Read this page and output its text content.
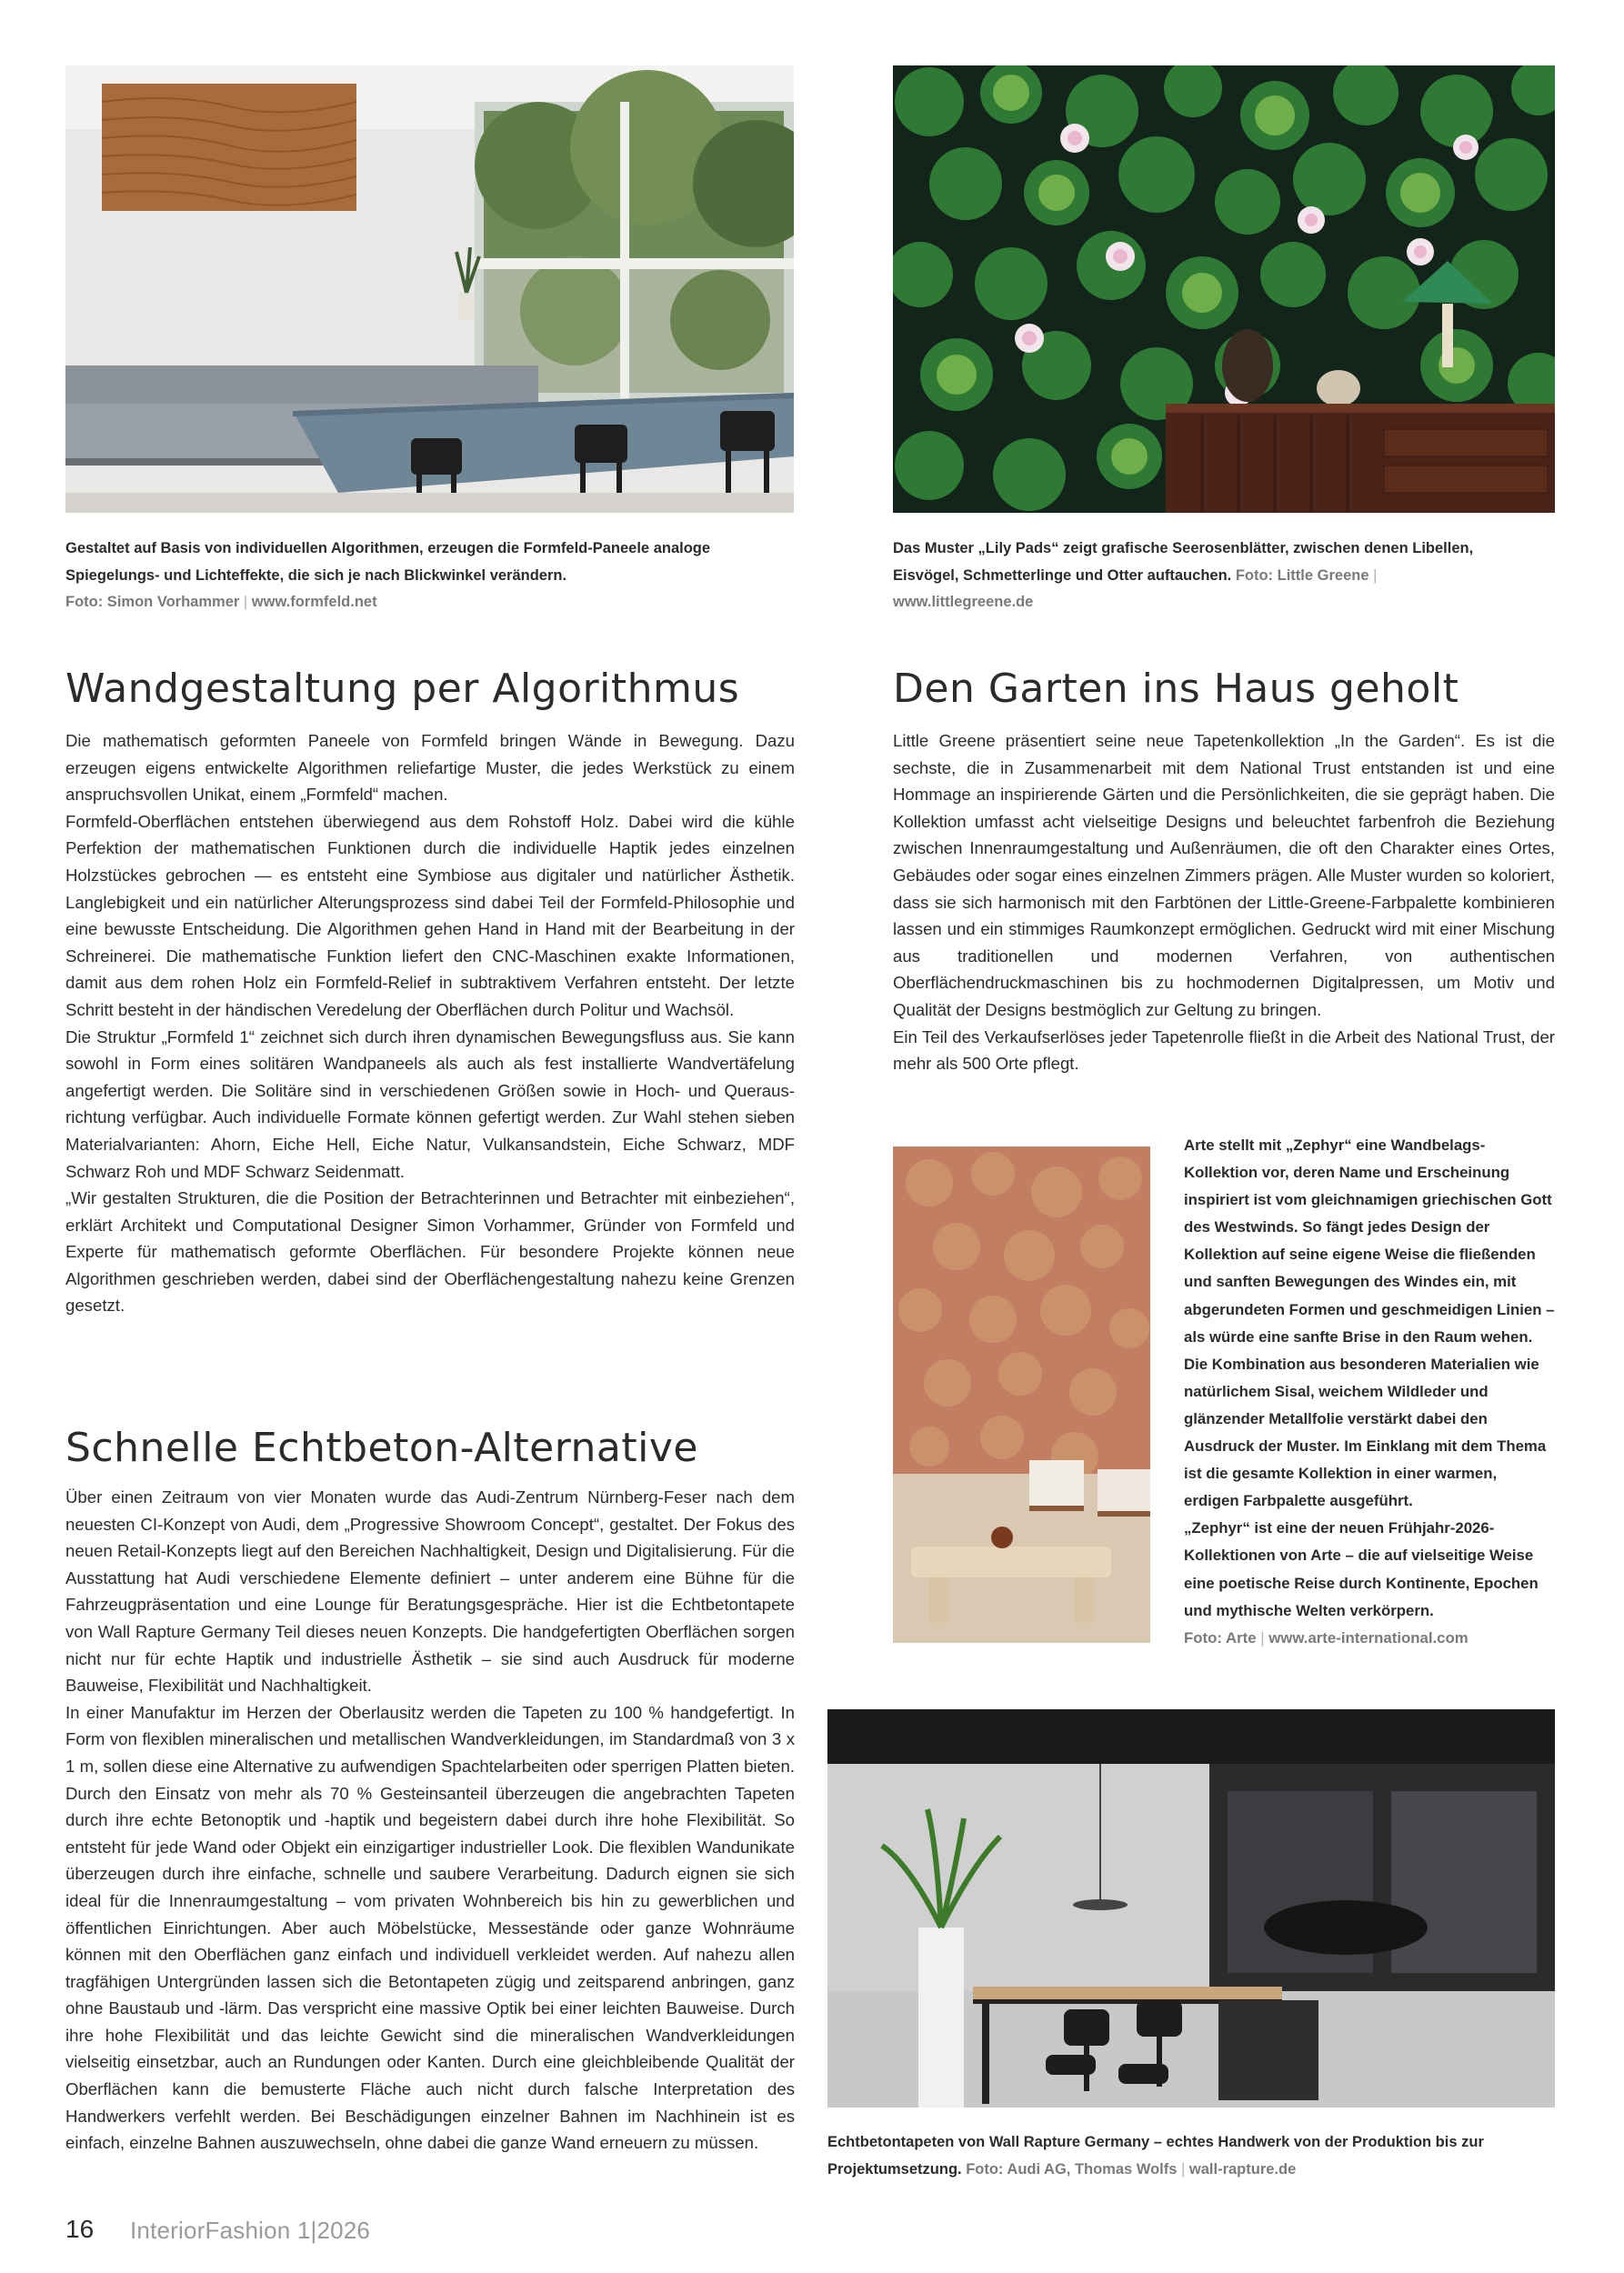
Gestaltet auf Basis von individuellen Algorithmen, erzeugen die Formfeld-Paneele analoge Spiegelungs- und Lichteffekte, die sich je nach Blickwinkel verändern.
Foto: Simon Vorhammer | www.formfeld.net
Das Muster „Lily Pads“ zeigt grafische Seerosenblätter, zwischen denen Libellen, Eisvögel, Schmetterlinge und Otter auftauchen. Foto: Little Greene | www.littlegreene.de
Wandgestaltung per Algorithmus

Die mathematisch geformten Paneele von Formfeld bringen Wände in Bewegung. Dazu erzeugen eigens entwickelte Algorithmen reliefartige Muster, die jedes Werkstück zu einem anspruchsvollen Unikat, einem „Formfeld“ machen.

Formfeld-Oberflächen entstehen überwiegend aus dem Rohstoff Holz. Dabei wird die kühle Perfektion der mathematischen Funktionen durch die individuelle Haptik jedes einzelnen Holzstückes gebrochen — es entsteht eine Symbiose aus digitaler und natürlicher Ästhetik. Langlebigkeit und ein natürlicher Alterungsprozess sind dabei Teil der Formfeld-Philosophie und eine bewusste Entscheidung. Die Algorithmen gehen Hand in Hand mit der Bearbeitung in der Schreinerei. Die mathematische Funktion liefert den CNC-Maschinen exakte Informationen, damit aus dem rohen Holz ein Formfeld-Relief in subtraktivem Verfahren entsteht. Der letzte Schritt besteht in der händischen Veredelung der Oberflächen durch Politur und Wachsöl.

Die Struktur „Formfeld 1“ zeichnet sich durch ihren dynamischen Bewegungsfluss aus. Sie kann sowohl in Form eines solitären Wandpaneels als auch als fest installierte Wandvertäfelung angefertigt werden. Die Solitäre sind in verschiedenen Größen sowie in Hoch- und Querausrichtung verfügbar. Auch individuelle Formate können gefertigt werden. Zur Wahl stehen sieben Materialvarianten: Ahorn, Eiche Hell, Eiche Natur, Vulkansandstein, Eiche Schwarz, MDF Schwarz Roh und MDF Schwarz Seidenmatt.

„Wir gestalten Strukturen, die die Position der Betrachterinnen und Betrachter mit einbeziehen“, erklärt Architekt und Computational Designer Simon Vorhammer, Gründer von Formfeld und Experte für mathematisch geformte Oberflächen. Für besondere Projekte können neue Algorithmen geschrieben werden, dabei sind der Oberflächengestaltung nahezu keine Grenzen gesetzt.

Den Garten ins Haus geholt

Little Greene präsentiert seine neue Tapetenkollektion „In the Garden“. Es ist die sechste, die in Zusammenarbeit mit dem National Trust entstanden ist und eine Hommage an inspirierende Gärten und die Persönlichkeiten, die sie geprägt haben. Die Kollektion umfasst acht vielseitige Designs und beleuchtet farbenfroh die Beziehung zwischen Innenraumgestaltung und Außenräumen, die oft den Charakter eines Ortes, Gebäudes oder sogar eines einzelnen Zimmers prägen. Alle Muster wurden so koloriert, dass sie sich harmonisch mit den Farbtönen der Little-Greene-Farbpalette kombinieren lassen und ein stimmiges Raumkonzept ermöglichen. Gedruckt wird mit einer Mischung aus traditionellen und modernen Verfahren, von authentischen Oberflächendruckmaschinen bis zu hochmodernen Digitalpressen, um Motiv und Qualität der Designs bestmöglich zur Geltung zu bringen.

Ein Teil des Verkaufserlöses jeder Tapetenrolle fließt in die Arbeit des National Trust, der mehr als 500 Orte pflegt.

Arte stellt mit „Zephyr“ eine Wandbelags-Kollektion vor, deren Name und Erscheinung inspiriert ist vom gleichnamigen griechischen Gott des Westwinds. So fängt jedes Design der Kollektion auf seine eigene Weise die fließenden und sanften Bewegungen des Windes ein, mit abgerundeten Formen und geschmeidigen Linien – als würde eine sanfte Brise in den Raum wehen. Die Kombination aus besonderen Materialien wie natürlichem Sisal, weichem Wildleder und glänzender Metallfolie verstärkt dabei den Ausdruck der Muster. Im Einklang mit dem Thema ist die gesamte Kollektion in einer warmen, erdigen Farbpalette ausgeführt.

„Zephyr“ ist eine der neuen Frühjahr-2026-Kollektionen von Arte – die auf vielseitige Weise eine poetische Reise durch Kontinente, Epochen und mythische Welten verkörpern.

Foto: Arte | www.arte-international.com

Schnelle Echtbeton-Alternative

Über einen Zeitraum von vier Monaten wurde das Audi-Zentrum Nürnberg-Feser nach dem neuesten CI-Konzept von Audi, dem „Progressive Showroom Concept“, gestaltet. Der Fokus des neuen Retail-Konzepts liegt auf den Bereichen Nachhaltigkeit, Design und Digitalisierung. Für die Ausstattung hat Audi verschiedene Elemente definiert – unter anderem eine Bühne für die Fahrzeugpräsentation und eine Lounge für Beratungsgespräche. Hier ist die Echtbetontapete von Wall Rapture Germany Teil dieses neuen Konzepts. Die handgefertigten Oberflächen sorgen nicht nur für echte Haptik und industrielle Ästhetik – sie sind auch Ausdruck für moderne Bauweise, Flexibilität und Nachhaltigkeit.

In einer Manufaktur im Herzen der Oberlausitz werden die Tapeten zu 100 % handgefertigt. In Form von flexiblen mineralischen und metallischen Wandverkleidungen, im Standardmaß von 3 x 1 m, sollen diese eine Alternative zu aufwendigen Spachtelarbeiten oder sperrigen Platten bieten. Durch den Einsatz von mehr als 70 % Gesteinsanteil überzeugen die angebrachten Tapeten durch ihre echte Betonoptik und -haptik und begeistern dabei durch ihre hohe Flexibilität. So entsteht für jede Wand oder Objekt ein einzigartiger industrieller Look. Die flexiblen Wandunikate überzeugen durch ihre einfache, schnelle und saubere Verarbeitung. Dadurch eignen sie sich ideal für die Innenraumgestaltung – vom privaten Wohnbereich bis hin zu gewerblichen und öffentlichen Einrichtungen. Aber auch Möbelstücke, Messestände oder ganze Wohnräume können mit den Oberflächen ganz einfach und individuell verkleidet werden. Auf nahezu allen tragfähigen Untergründen lassen sich die Betontapeten zügig und zeitsparend anbringen, ganz ohne Baustaub und -lärm. Das verspricht eine massive Optik bei einer leichten Bauweise. Durch ihre hohe Flexibilität und das leichte Gewicht sind die mineralischen Wandverkleidungen vielseitig einsetzbar, auch an Rundungen oder Kanten. Durch eine gleichbleibende Qualität der Oberflächen kann die bemusterte Fläche auch nicht durch falsche Interpretation des Handwerkers verfehlt werden. Bei Beschädigungen einzelner Bahnen im Nachhinein ist es einfach, einzelne Bahnen auszuwechseln, ohne dabei die ganze Wand erneuern zu müssen.	Echtbetontapeten von Wall Rapture Germany – echtes Handwerk von der Produktion bis zur Projektumsetzung. Foto: Audi AG, Thomas Wolfs | wall-rapture.de
16 InteriorFashion 1|2026
